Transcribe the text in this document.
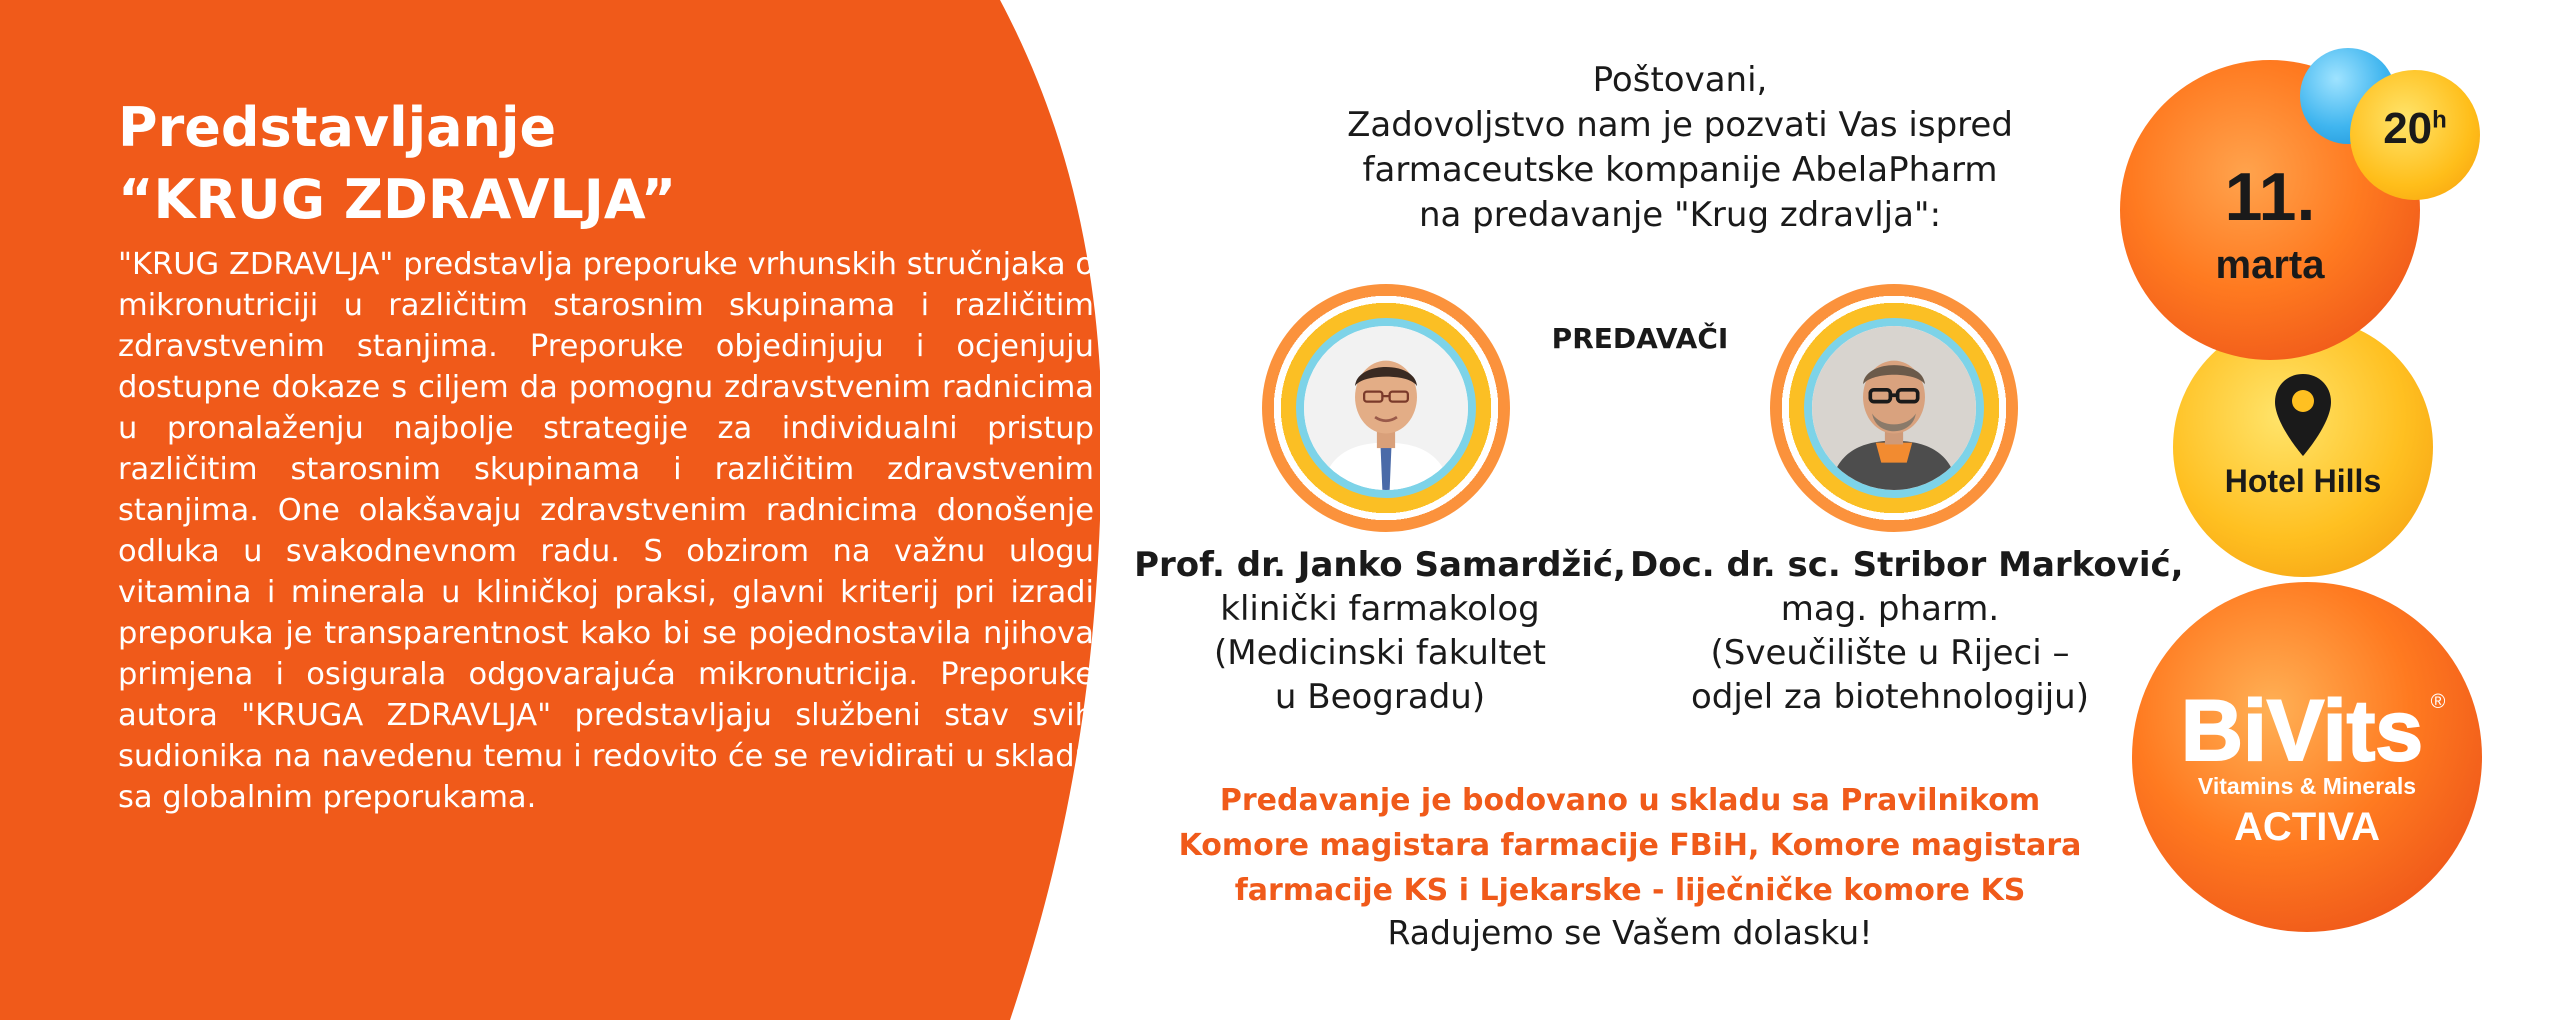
Predstavljanje
“KRUG ZDRAVLJA”

"KRUG ZDRAVLJA" predstavlja preporuke vrhunskih stručnjaka o mikronutriciji u različitim starosnim skupinama i različitim zdravstvenim stanjima. Preporuke objedinjuju i ocjenjuju dostupne dokaze s ciljem da pomognu zdravstvenim radnicima u pronalaženju najbolje strategije za individualni pristup različitim starosnim skupinama i različitim zdravstvenim stanjima. One olakšavaju zdravstvenim radnicima donošenje odluka u svakodnevnom radu. S obzirom na važnu ulogu vitamina i minerala u kliničkoj praksi, glavni kriterij pri izradi preporuka je transparentnost kako bi se pojednostavila njihova primjena i osigurala odgovarajuća mikronutricija. Preporuke autora "KRUGA ZDRAVLJA" predstavljaju službeni stav svih sudionika na navedenu temu i redovito će se revidirati u skladu sa globalnim preporukama.

Poštovani,
Zadovoljstvo nam je pozvati Vas ispred
farmaceutske kompanije AbelaPharm
na predavanje "Krug zdravlja":
PREDAVAČI
Prof. dr. Janko Samardžić,
klinički farmakolog
(Medicinski fakultet
u Beogradu)
Doc. dr. sc. Stribor Marković,
mag. pharm.
(Sveučilište u Rijeci –
odjel za biotehnologiju)
Predavanje je bodovano u skladu sa Pravilnikom
Komore magistara farmacije FBiH, Komore magistara
farmacije KS i Ljekarske - liječničke komore KS
Radujemo se Vašem dolasku!
20$^h$
11.
marta
Hotel Hills
BiVits ®
Vitamins & Minerals
ACTIVA
